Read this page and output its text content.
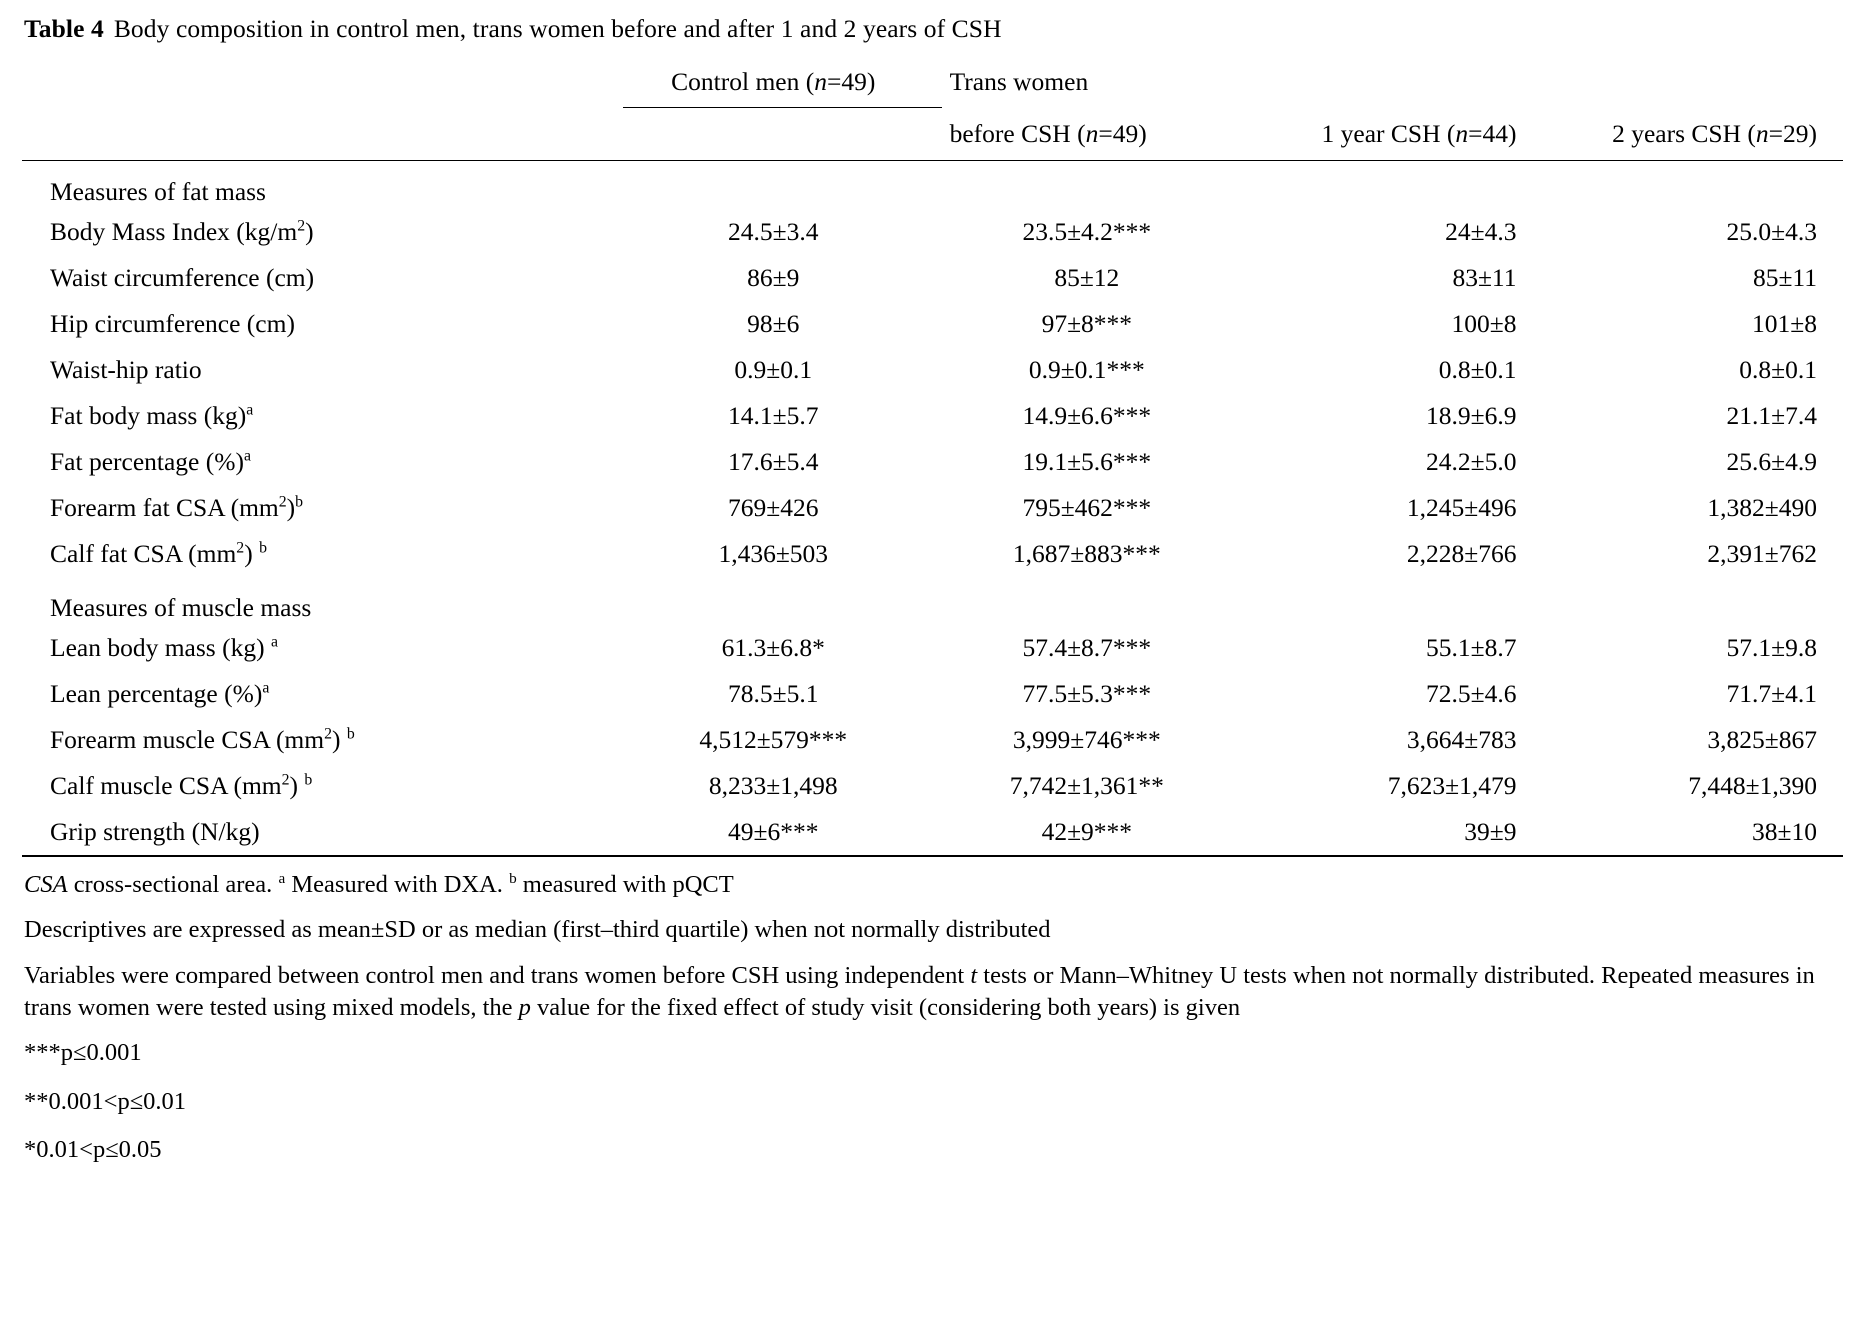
Table 4 Body composition in control men, trans women before and after 1 and 2 years of CSH
	Control men (n=49)	Trans women		
		before CSH (n=49)	1 year CSH (n=44)	2 years CSH (n=29)
Measures of fat mass				
Body Mass Index $(kg/m^2)$	24.5±3.4	23.5±4.2***	24±4.3	25.0±4.3
Waist circumference (cm)	86±9	85±12	83±11	85±11
Hip circumference (cm)	98±6	97±8***	100±8	101±8
Waist-hip ratio	0.9±0.1	0.9±0.1***	0.8±0.1	0.8±0.1
Fat body mass (kg)$^a$	14.1±5.7	14.9±6.6***	18.9±6.9	21.1±7.4
Fat percentage (%)$^a$	17.6±5.4	19.1±5.6***	24.2±5.0	25.6±4.9
Forearm fat CSA $(mm^2)^b$	769±426	795±462***	1,245±496	1,382±490
Calf fat CSA $(mm^2)$ $^b$	1,436±503	1,687±883***	2,228±766	2,391±762
Measures of muscle mass				
Lean body mass (kg) $^a$	61.3±6.8*	57.4±8.7***	55.1±8.7	57.1±9.8
Lean percentage (%)$^a$	78.5±5.1	77.5±5.3***	72.5±4.6	71.7±4.1
Forearm muscle CSA $(mm^2)$ $^b$	4,512±579***	3,999±746***	3,664±783	3,825±867
Calf muscle CSA $(mm^2)$ $^b$	8,233±1,498	7,742±1,361**	7,623±1,479	7,448±1,390
Grip strength (N/kg)	49±6***	42±9***	39±9	38±10

CSA cross-sectional area. $^a$ Measured with DXA. $^b$ measured with pQCT

Descriptives are expressed as mean±SD or as median (first–third quartile) when not normally distributed

Variables were compared between control men and trans women before CSH using independent t tests or Mann–Whitney U tests when not normally distributed. Repeated measures in trans women were tested using mixed models, the p value for the fixed effect of study visit (considering both years) is given

***p≤0.001

**0.001<p≤0.01

*0.01<p≤0.05
